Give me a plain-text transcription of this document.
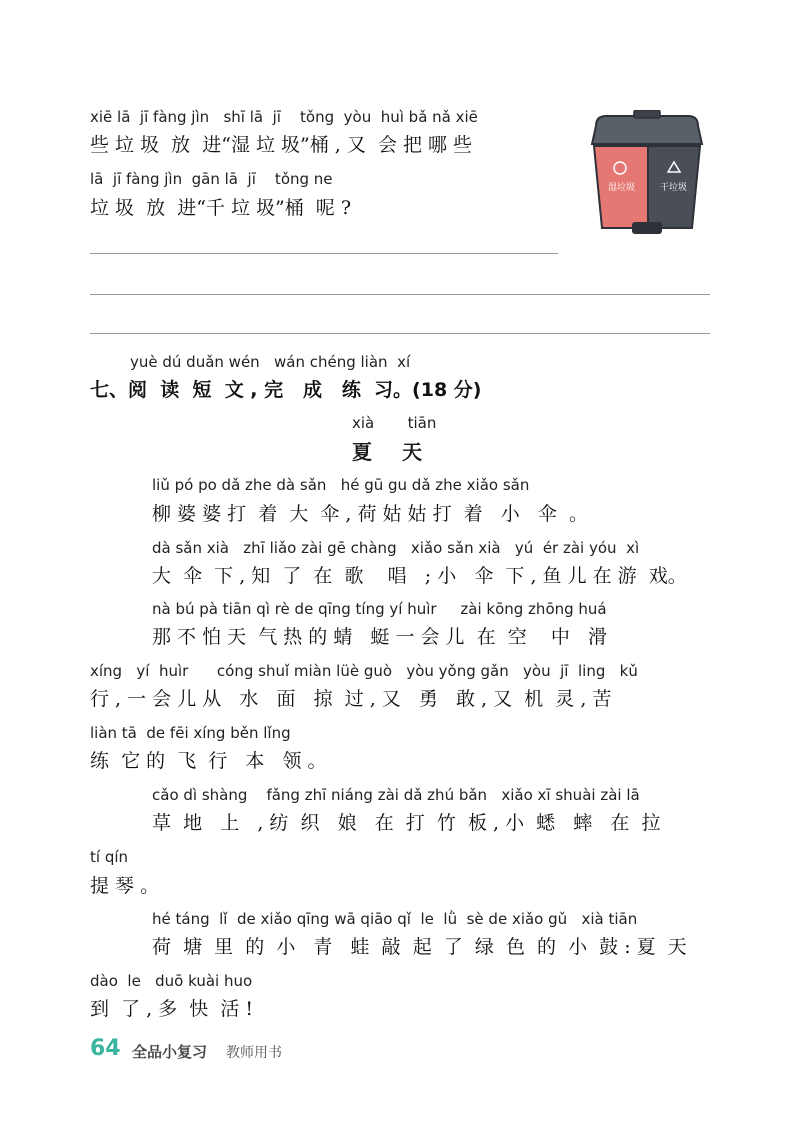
xiē lā  jī fàng jìn   shī lā  jī    tǒng  yòu  huì bǎ nǎ xiē
些 垃 圾  放  进“湿 垃 圾”桶 , 又  会 把 哪 些
lā  jī fàng jìn  gān lā  jī    tǒng ne
垃 圾  放  进“千 垃 圾”桶  呢 ?
湿垃圾	干垃圾
yuè dú duǎn wén   wán chéng liàn  xí
七、阅  读  短  文 , 完   成   练  习。(18 分)
xià       tiān
夏天
liǔ pó po dǎ zhe dà sǎn   hé gū gu dǎ zhe xiǎo sǎn
柳 婆 婆 打  着  大  伞 , 荷 姑 姑 打  着   小   伞  。
dà sǎn xià   zhī liǎo zài gē chàng   xiǎo sǎn xià   yú  ér zài yóu  xì
大  伞  下 , 知  了  在  歌    唱   ; 小   伞  下 , 鱼 儿 在 游  戏。
nà bú pà tiān qì rè de qīng tíng yí huìr     zài kōng zhōng huá
那 不 怕 天  气 热 的 蜻   蜓 一 会 儿  在  空    中   滑
xíng   yí  huìr      cóng shuǐ miàn lüè guò   yòu yǒng gǎn   yòu  jī  ling   kǔ
行 , 一 会 儿 从   水   面   掠  过 , 又   勇   敢 , 又  机  灵 , 苦
liàn tā  de fēi xíng běn lǐng
练  它 的  飞  行   本   领 。
cǎo dì shàng    fǎng zhī niáng zài dǎ zhú bǎn   xiǎo xī shuài zài lā
草  地   上   , 纺  织   娘   在  打  竹  板 , 小  蟋   蟀   在  拉
tí qín
提 琴 。
hé táng  lǐ  de xiǎo qīng wā qiāo qǐ  le  lǜ  sè de xiǎo gǔ   xià tiān
荷  塘  里  的  小   青   蛙  敲  起  了  绿  色  的  小  鼓 : 夏  天
dào  le   duō kuài huo
到  了 , 多  快  活 !
64 全品小复习 教师用书
